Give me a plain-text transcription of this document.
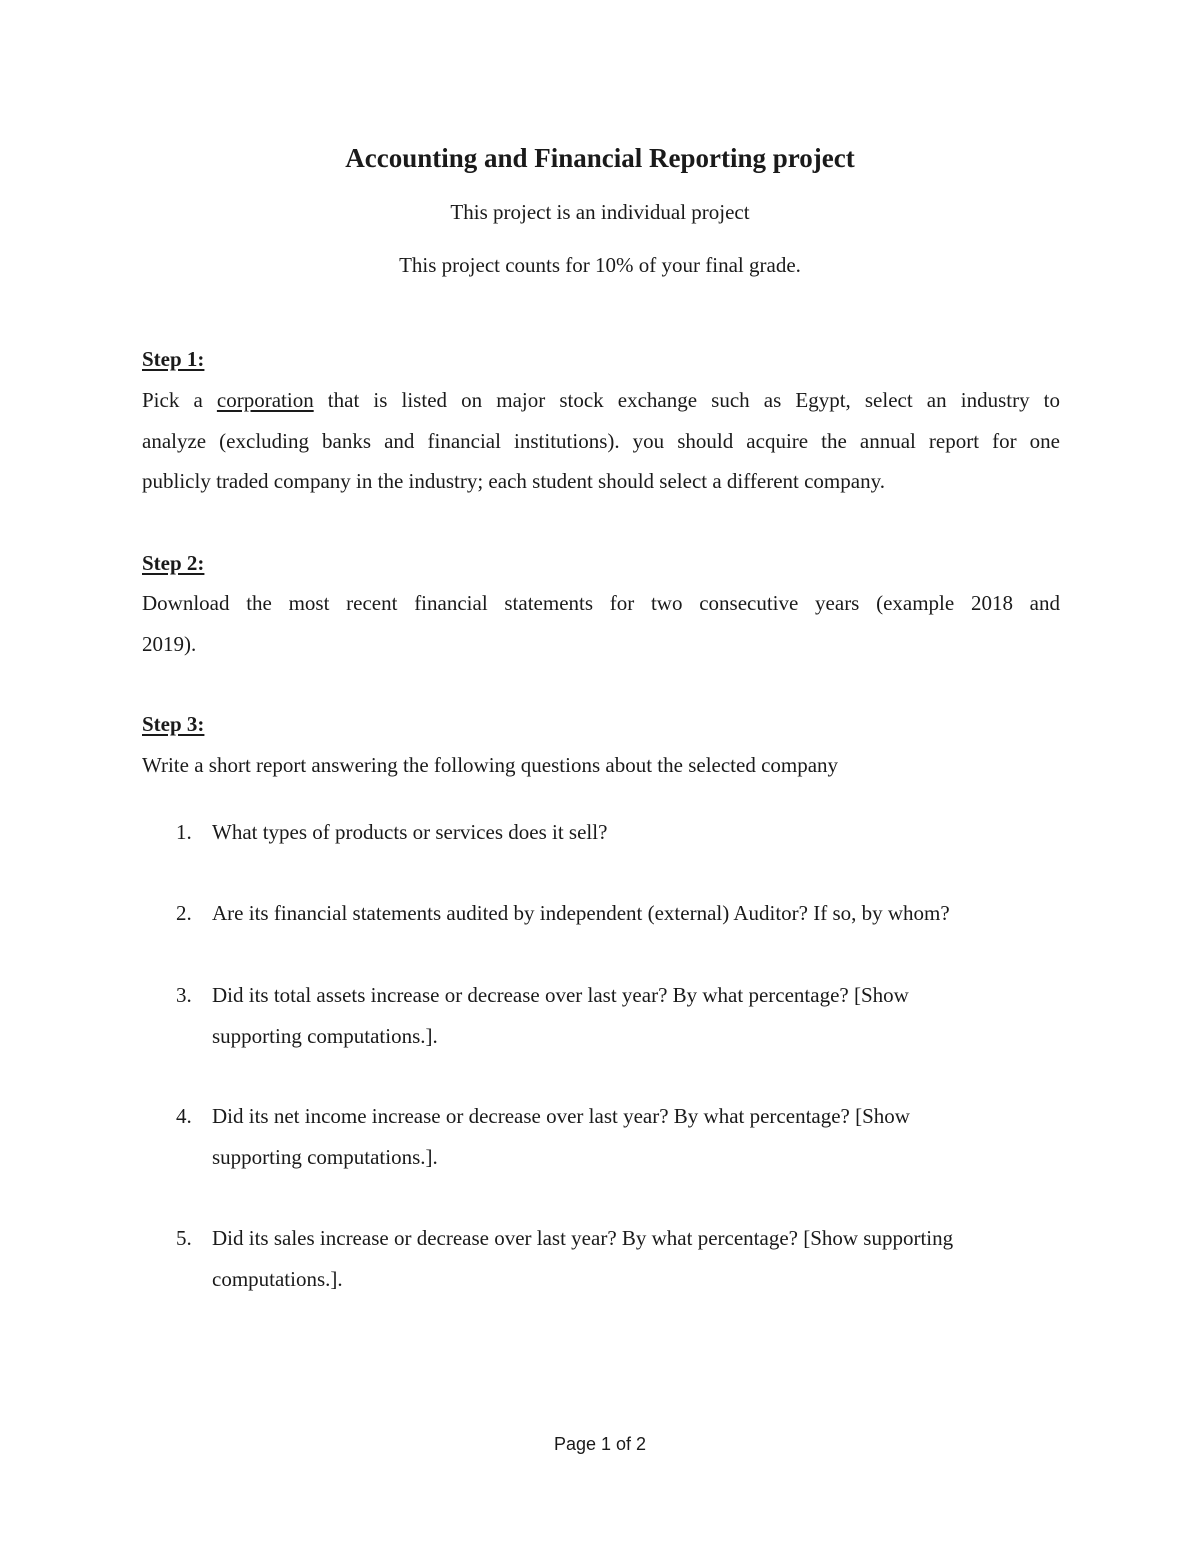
Accounting and Financial Reporting project
This project is an individual project
This project counts for 10% of your final grade.
Step 1:
Pick a corporation that is listed on major stock exchange such as Egypt, select an industry to
analyze (excluding banks and financial institutions). you should acquire the annual report for one
publicly traded company in the industry; each student should select a different company.
Step 2:
Download the most recent financial statements for two consecutive years (example 2018 and
2019).
Step 3:
Write a short report answering the following questions about the selected company
1. What types of products or services does it sell?
2. Are its financial statements audited by independent (external) Auditor? If so, by whom?
3. Did its total assets increase or decrease over last year? By what percentage? [Show
supporting computations.].
4. Did its net income increase or decrease over last year? By what percentage? [Show
supporting computations.].
5. Did its sales increase or decrease over last year? By what percentage? [Show supporting
computations.].
Page 1 of 2
